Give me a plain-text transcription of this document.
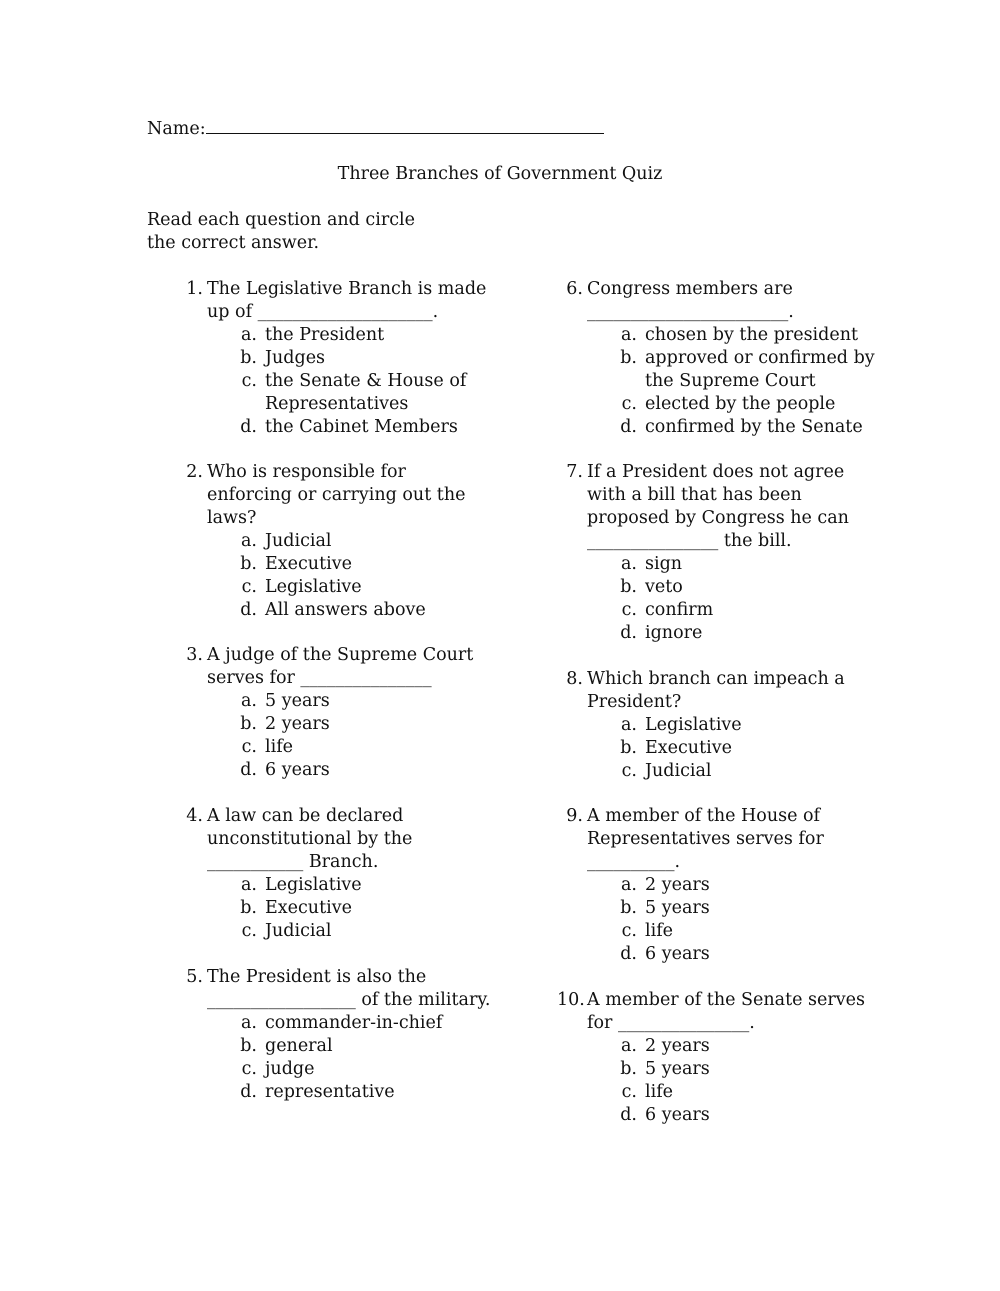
Name:
Three Branches of Government Quiz
Read each question and circle the correct answer.
1. The Legislative Branch is made
up of ____________________.
a. the President
b. Judges
c. the Senate & House of Representatives
d. the Cabinet Members
2. Who is responsible for
enforcing or carrying out the
laws?
a. Judicial
b. Executive
c. Legislative
d. All answers above
3. A judge of the Supreme Court
serves for _______________
a. 5 years
b. 2 years
c. life
d. 6 years
4. A law can be declared
unconstitutional by the
___________ Branch.
a. Legislative
b. Executive
c. Judicial
5. The President is also the
_________________ of the military.
a. commander-in-chief
b. general
c. judge
d. representative
6. Congress members are
_______________________.
a. chosen by the president
b. approved or confirmed by the Supreme Court
c. elected by the people
d. confirmed by the Senate
7. If a President does not agree
with a bill that has been
proposed by Congress he can
_______________ the bill.
a. sign
b. veto
c. confirm
d. ignore
8. Which branch can impeach a
President?
a. Legislative
b. Executive
c. Judicial
9. A member of the House of
Representatives serves for
__________.
a. 2 years
b. 5 years
c. life
d. 6 years
10. A member of the Senate serves
for _______________.
a. 2 years
b. 5 years
c. life
d. 6 years
